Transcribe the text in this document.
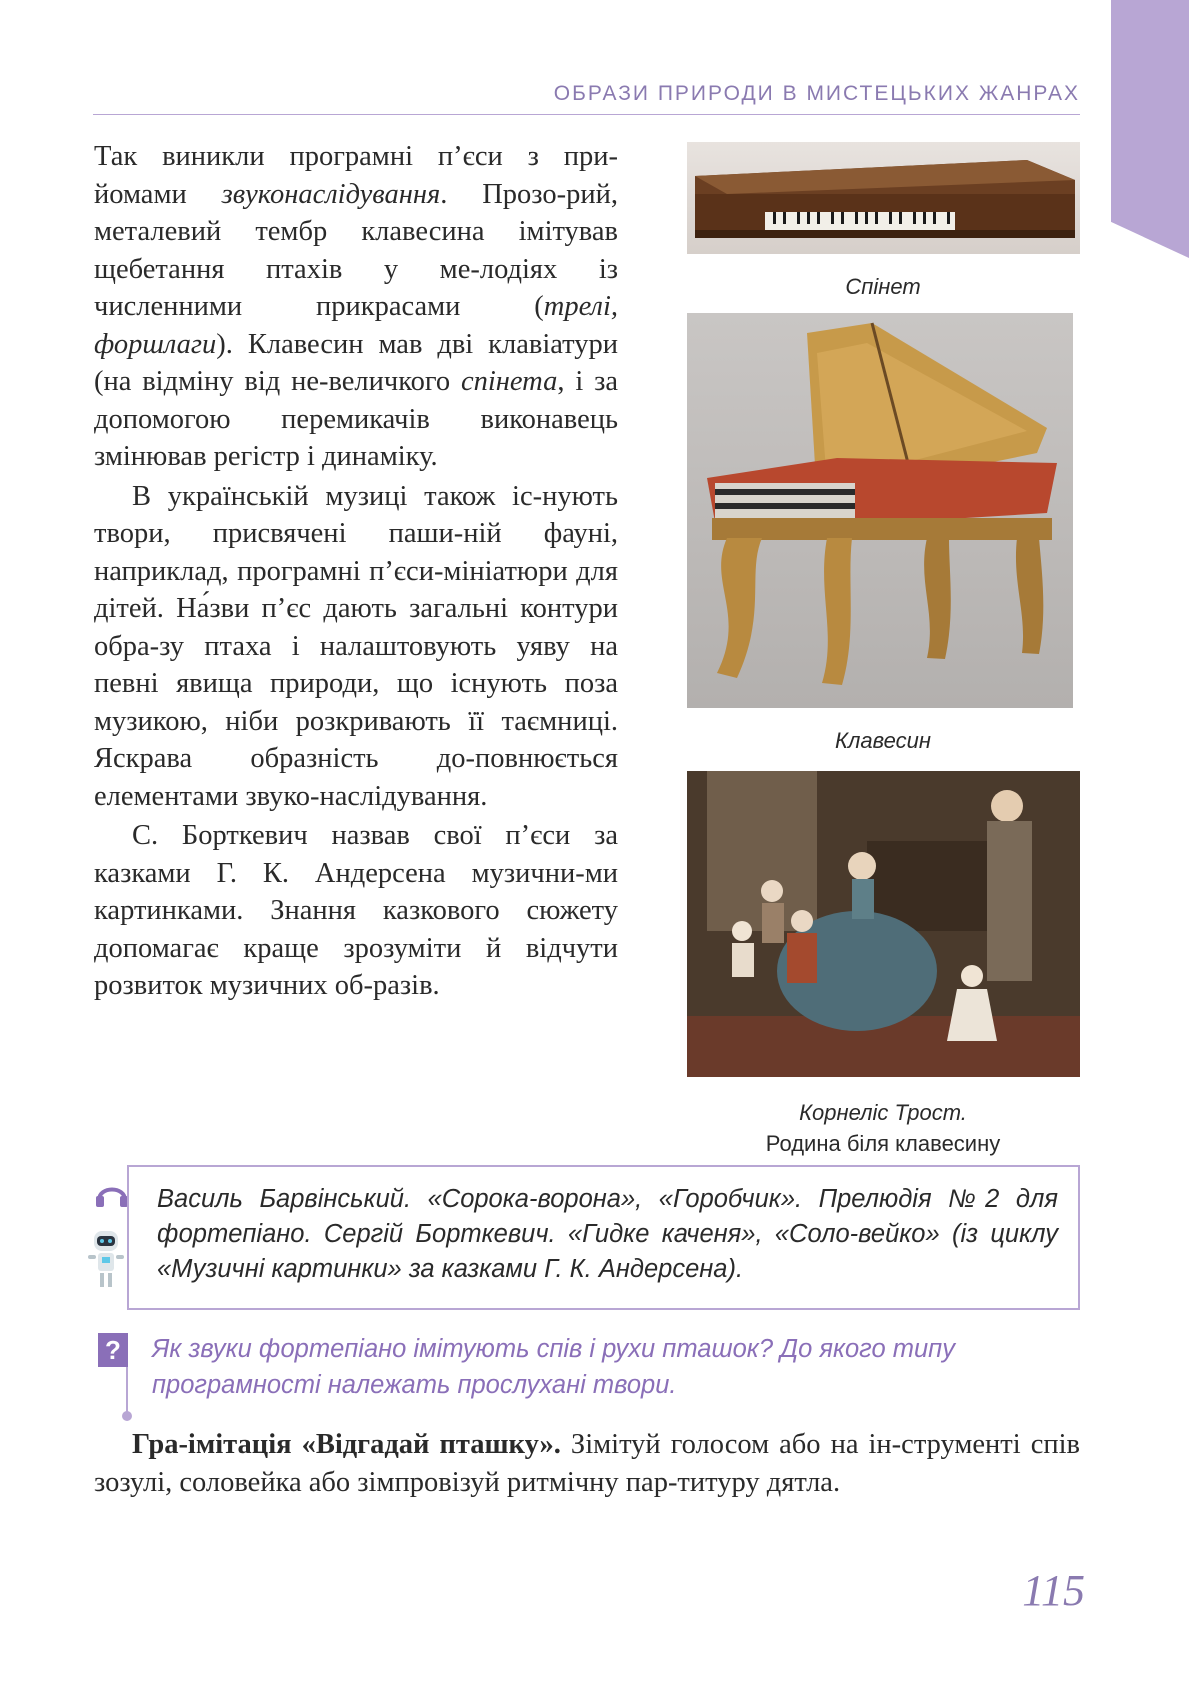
ОБРАЗИ ПРИРОДИ В МИСТЕЦЬКИХ ЖАНРАХ

Так виникли програмні п’єси з при-йомами звуконаслідування. Прозо-рий, металевий тембр клавесина імітував щебетання птахів у ме-лодіях із численними прикрасами (трелі, форшлаги). Клавесин мав дві клавіатури (на відміну від не-величкого спінета, і за допомогою перемикачів виконавець змінював регістр і динаміку.

В українській музиці також іс-нують твори, присвячені паши-ній фауні, наприклад, програмні п’єси-мініатюри для дітей. На́зви п’єс дають загальні контури обра-зу птаха і налаштовують уяву на певні явища природи, що існують поза музикою, ніби розкривають її таємниці. Яскрава образність до-повнюється елементами звуко-наслідування.

С. Борткевич назвав свої п’єси за казками Г. К. Андерсена музични-ми картинками. Знання казкового сюжету допомагає краще зрозуміти й відчути розвиток музичних об-разів.

Спінет
Клавесин
Корнеліс Трост.
Родина біля клавесину
Василь Барвінський. «Сорока-ворона», «Горобчик». Прелюдія №2 для фортепіано. Сергій Борткевич. «Гидке каченя», «Соло-вейко» (із циклу «Музичні картинки» за казками Г. К. Андерсена).
? Як звуки фортепіано імітують спів і рухи пташок? До якого типу програмності належать прослухані твори.
Гра-імітація «Відгадай пташку». Зімітуй голосом або на ін-струменті спів зозулі, соловейка або зімпровізуй ритмічну пар-титуру дятла.
115
